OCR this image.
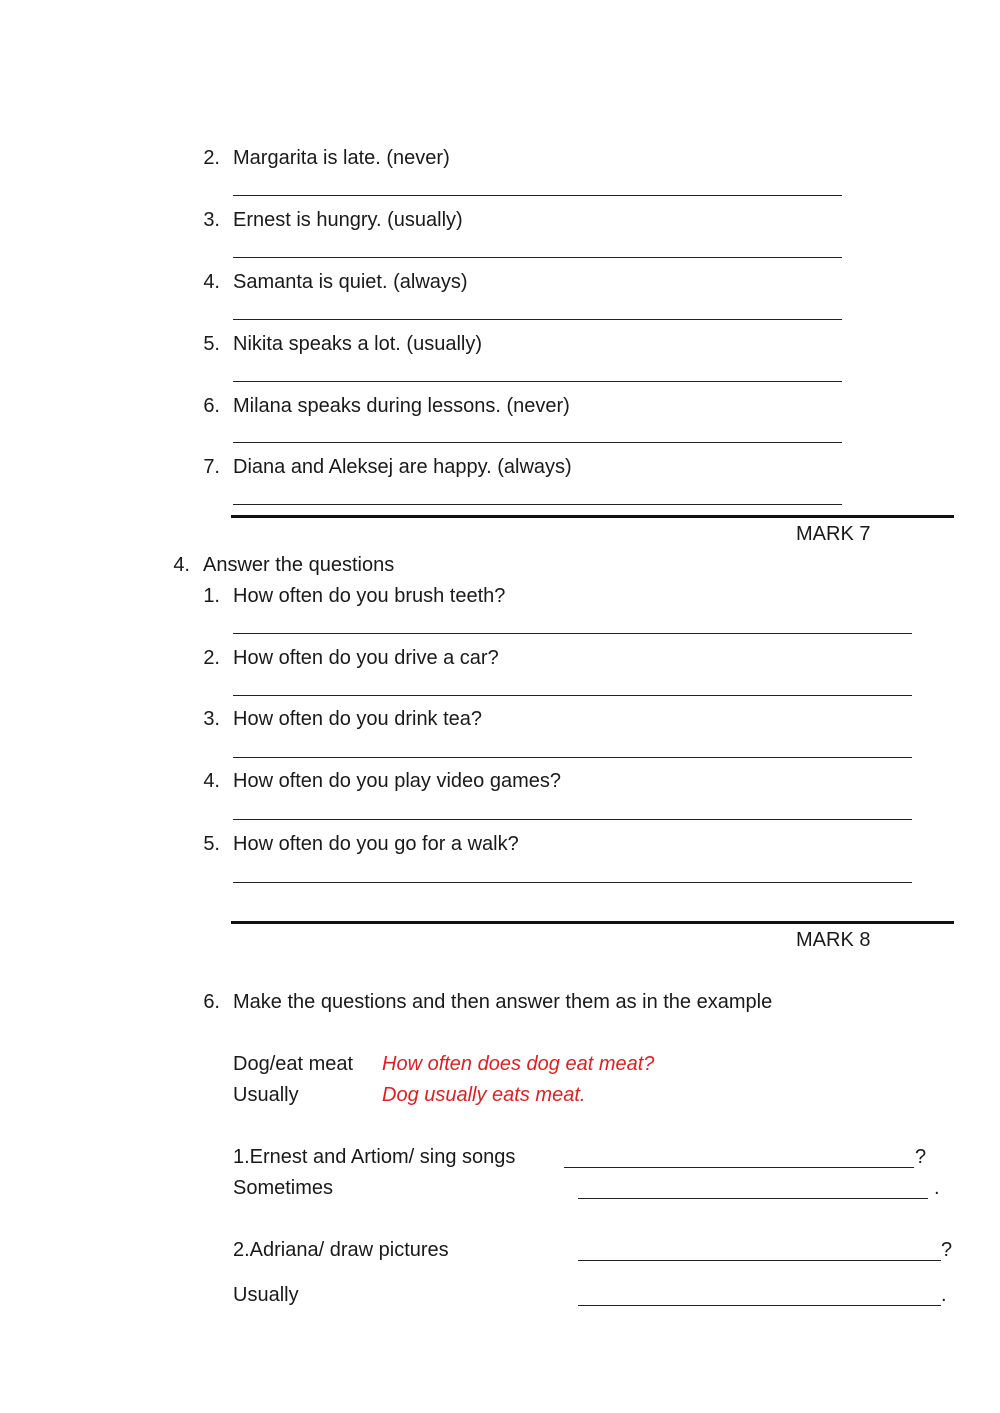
2. Margarita is late. (never)
3. Ernest is hungry. (usually)
4. Samanta is quiet. (always)
5. Nikita speaks a lot. (usually)
6. Milana speaks during lessons. (never)
7. Diana and Aleksej are happy. (always)
MARK 7
4. Answer the questions
1. How often do you brush teeth?
2. How often do you drive a car?
3. How often do you drink tea?
4. How often do you play video games?
5. How often do you go for a walk?
MARK 8
6. Make the questions and then answer them as in the example
Dog/eat meat How often does dog eat meat?
Usually	Dog usually eats meat.
1.Ernest and Artiom/ sing songs	?
Sometimes	.
2.Adriana/ draw pictures	?
Usually	.
